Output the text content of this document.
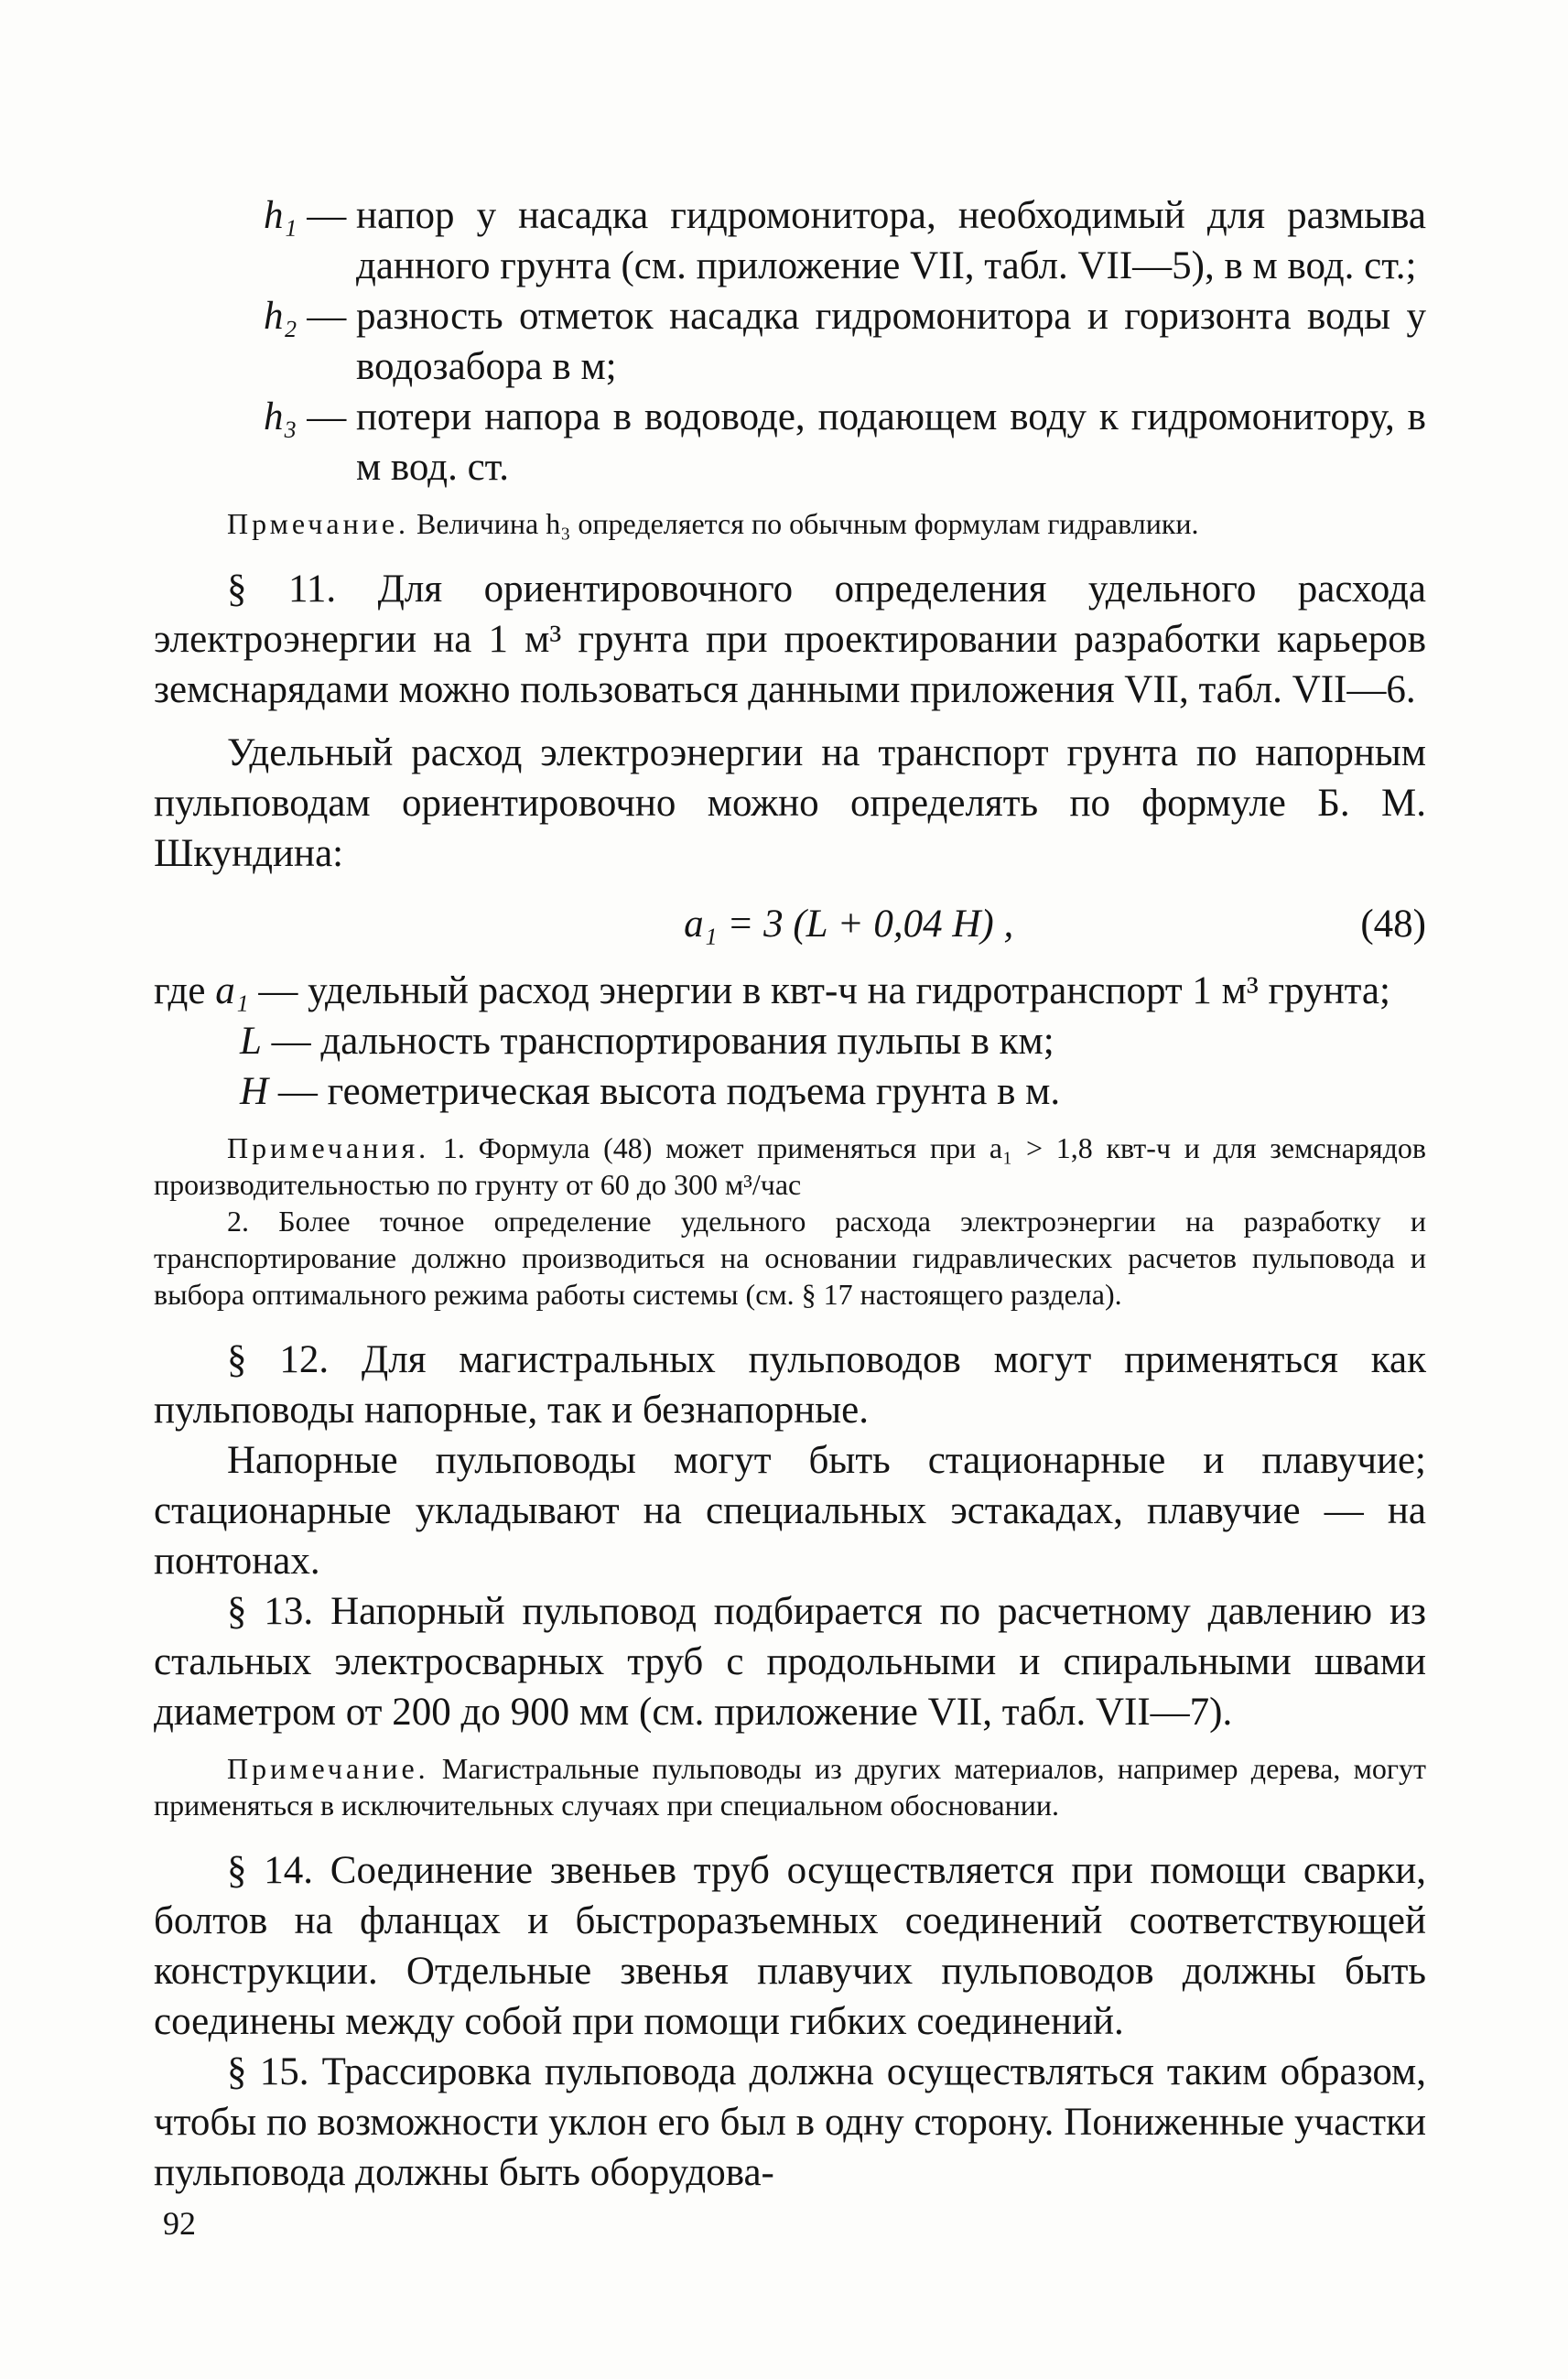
h₁ — напор у насадка гидромонитора, необходимый для размыва данного грунта (см. приложение VII, табл. VII—5), в м вод. ст.;
h₂ — разность отметок насадка гидромонитора и горизонта воды у водозабора в м;
h₃ — потери напора в водоводе, подающем воду к гидромонитору, в м вод. ст.

Прмечание. Величина h₃ определяется по обычным формулам гидравлики.

§ 11. Для ориентировочного определения удельного расхода электроэнергии на 1 м³ грунта при проектировании разработки карьеров земснарядами можно пользоваться данными приложения VII, табл. VII—6.

Удельный расход электроэнергии на транспорт грунта по напорным пульповодам ориентировочно можно определять по формуле Б. М. Шкундина:

a₁ = 3 (L + 0,04 H) ,	(48)
где
a₁ — удельный расход энергии в квт-ч на гидротранспорт 1 м³ грунта;
L — дальность транспортирования пульпы в км;
H — геометрическая высота подъема грунта в м.

Примечания. 1. Формула (48) может применяться при a₁ > 1,8 квт-ч и для земснарядов производительностью по грунту от 60 до 300 м³/час

2. Более точное определение удельного расхода электроэнергии на разработку и транспортирование должно производиться на основании гидравлических расчетов пульповода и выбора оптимального режима работы системы (см. § 17 настоящего раздела).

§ 12. Для магистральных пульповодов могут применяться как пульповоды напорные, так и безнапорные.

Напорные пульповоды могут быть стационарные и плавучие; стационарные укладывают на специальных эстакадах, плавучие — на понтонах.

§ 13. Напорный пульповод подбирается по расчетному давлению из стальных электросварных труб с продольными и спиральными швами диаметром от 200 до 900 мм (см. приложение VII, табл. VII—7).

Примечание. Магистральные пульповоды из других материалов, например дерева, могут применяться в исключительных случаях при специальном обосновании.

§ 14. Соединение звеньев труб осуществляется при помощи сварки, болтов на фланцах и быстроразъемных соединений соответствующей конструкции. Отдельные звенья плавучих пульповодов должны быть соединены между собой при помощи гибких соединений.

§ 15. Трассировка пульповода должна осуществляться таким образом, чтобы по возможности уклон его был в одну сторону. Пониженные участки пульповода должны быть оборудова-

92
